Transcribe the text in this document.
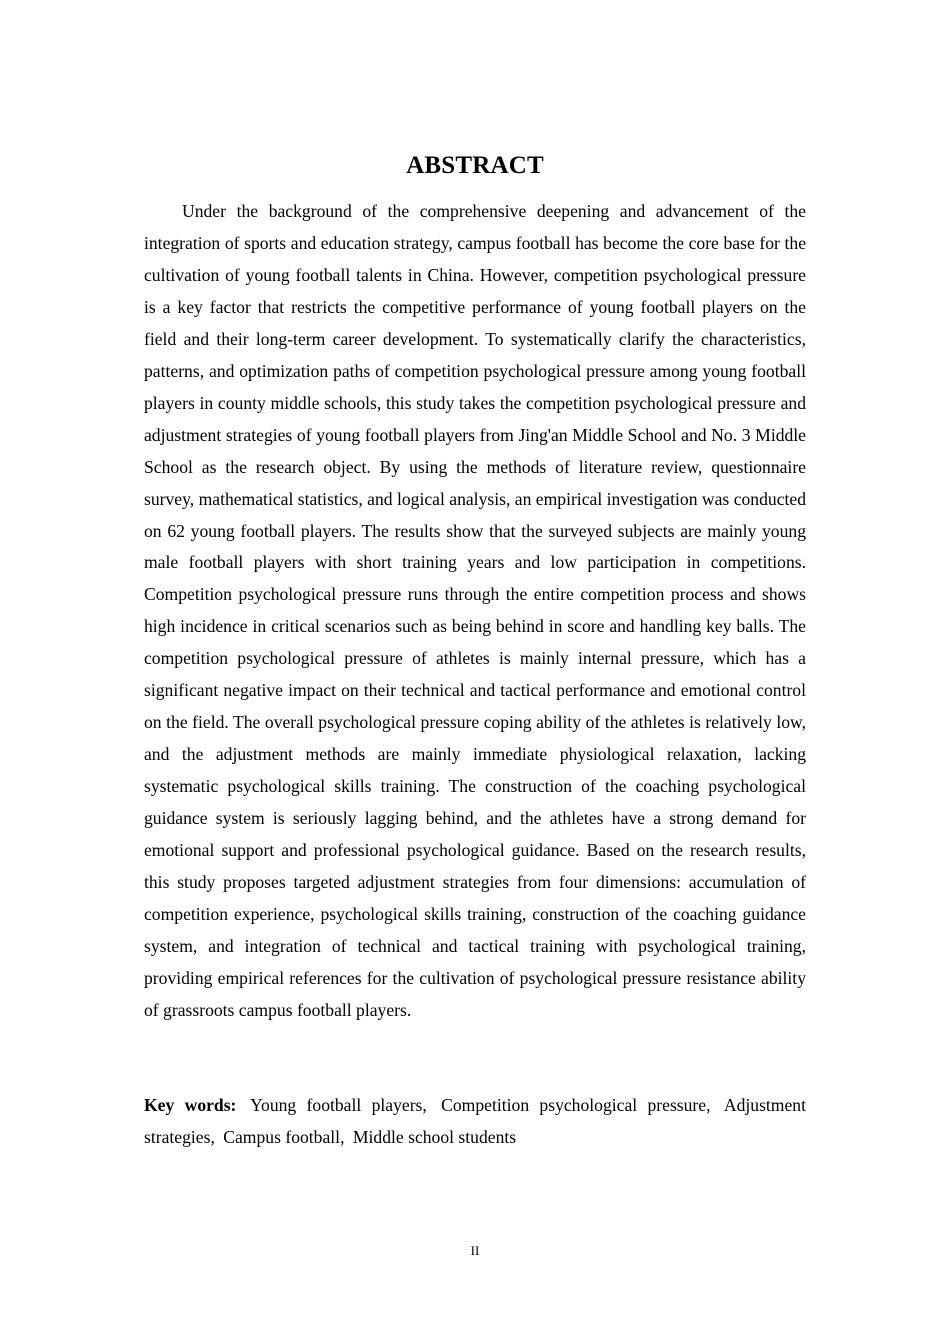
ABSTRACT

Under the background of the comprehensive deepening and advancement of the integration of sports and education strategy, campus football has become the core base for the cultivation of young football talents in China. However, competition psychological pressure is a key factor that restricts the competitive performance of young football players on the field and their long-term career development. To systematically clarify the characteristics, patterns, and optimization paths of competition psychological pressure among young football players in county middle schools, this study takes the competition psychological pressure and adjustment strategies of young football players from Jing'an Middle School and No. 3 Middle School as the research object. By using the methods of literature review, questionnaire survey, mathematical statistics, and logical analysis, an empirical investigation was conducted on 62 young football players. The results show that the surveyed subjects are mainly young male football players with short training years and low participation in competitions. Competition psychological pressure runs through the entire competition process and shows high incidence in critical scenarios such as being behind in score and handling key balls. The competition psychological pressure of athletes is mainly internal pressure, which has a significant negative impact on their technical and tactical performance and emotional control on the field. The overall psychological pressure coping ability of the athletes is relatively low, and the adjustment methods are mainly immediate physiological relaxation, lacking systematic psychological skills training. The construction of the coaching psychological guidance system is seriously lagging behind, and the athletes have a strong demand for emotional support and professional psychological guidance. Based on the research results, this study proposes targeted adjustment strategies from four dimensions: accumulation of competition experience, psychological skills training, construction of the coaching guidance system, and integration of technical and tactical training with psychological training, providing empirical references for the cultivation of psychological pressure resistance ability of grassroots campus football players.

Key words: Young football players, Competition psychological pressure, Adjustment strategies, Campus football, Middle school students

II
